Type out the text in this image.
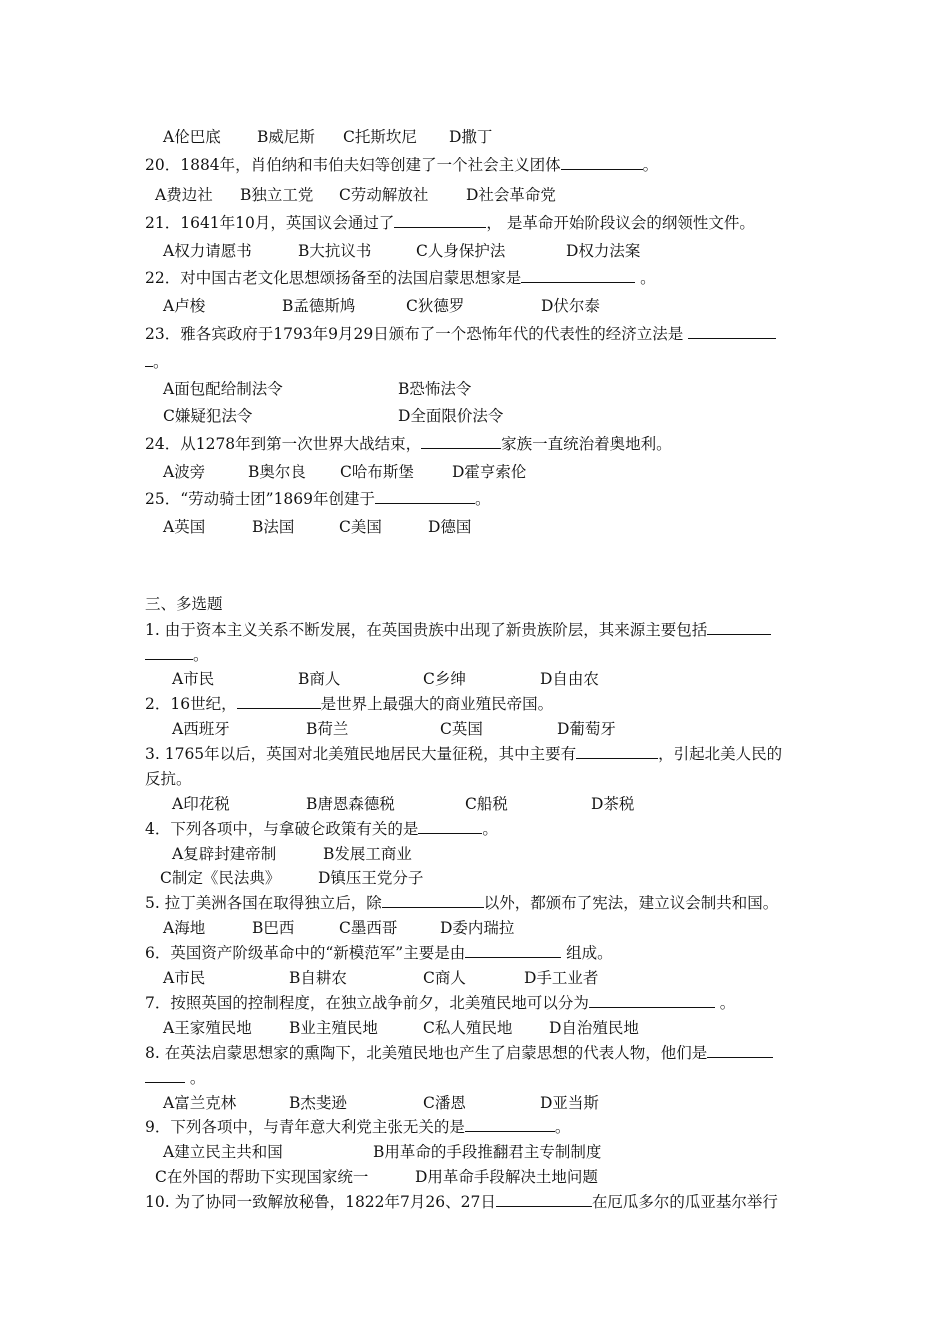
A伦巴底 B威尼斯 C托斯坎尼 D撒丁
20．1884年，肖伯纳和韦伯夫妇等创建了一个社会主义团体	。
A费边社 B独立工党 C劳动解放社 D社会革命党
21．1641年10月，英国议会通过了	， 是革命开始阶段议会的纲领性文件。
A权力请愿书	B大抗议书	C人身保护法	D权力法案
22．对中国古老文化思想颂扬备至的法国启蒙思想家是	。
A卢梭	B孟德斯鸠	C狄德罗	D伏尔泰
23．雅各宾政府于1793年9月29日颁布了一个恐怖年代的代表性的经济立法是
。
A面包配给制法令	B恐怖法令
C嫌疑犯法令	D全面限价法令
24．从1278年到第一次世界大战结束，	家族一直统治着奥地利。
A波旁	B奥尔良 C哈布斯堡 D霍亨索伦
25．“劳动骑士团”1869年创建于	。
A英国	B法国	C美国	D德国
三、多选题
1. 由于资本主义关系不断发展，在英国贵族中出现了新贵族阶层，其来源主要包括
。
A市民	B商人	C乡绅	D自由农
2．16世纪，	是世界上最强大的商业殖民帝国。
A西班牙	B荷兰	C英国	D葡萄牙
3. 1765年以后，英国对北美殖民地居民大量征税，其中主要有	，引起北美人民的
反抗。
A印花税	B唐恩森德税	C船税	D茶税
4．下列各项中，与拿破仑政策有关的是	。
A复辟封建帝制	B发展工商业
C制定《民法典》 D镇压王党分子
5. 拉丁美洲各国在取得独立后，除	以外，都颁布了宪法，建立议会制共和国。
A海地	B巴西	C墨西哥	D委内瑞拉
6．英国资产阶级革命中的“新模范军”主要是由	组成。
A市民	B自耕农	C商人	D手工业者
7．按照英国的控制程度，在独立战争前夕，北美殖民地可以分为	。
A王家殖民地 B业主殖民地	C私人殖民地 D自治殖民地
8. 在英法启蒙思想家的熏陶下，北美殖民地也产生了启蒙思想的代表人物，他们是
。
A富兰克林	B杰斐逊	C潘恩	D亚当斯
9．下列各项中，与青年意大利党主张无关的是	。
A建立民主共和国	B用革命的手段推翻君主专制制度
C在外国的帮助下实现国家统一	D用革命手段解决土地问题
10. 为了协同一致解放秘鲁，1822年7月26、27日	在厄瓜多尔的瓜亚基尔举行
